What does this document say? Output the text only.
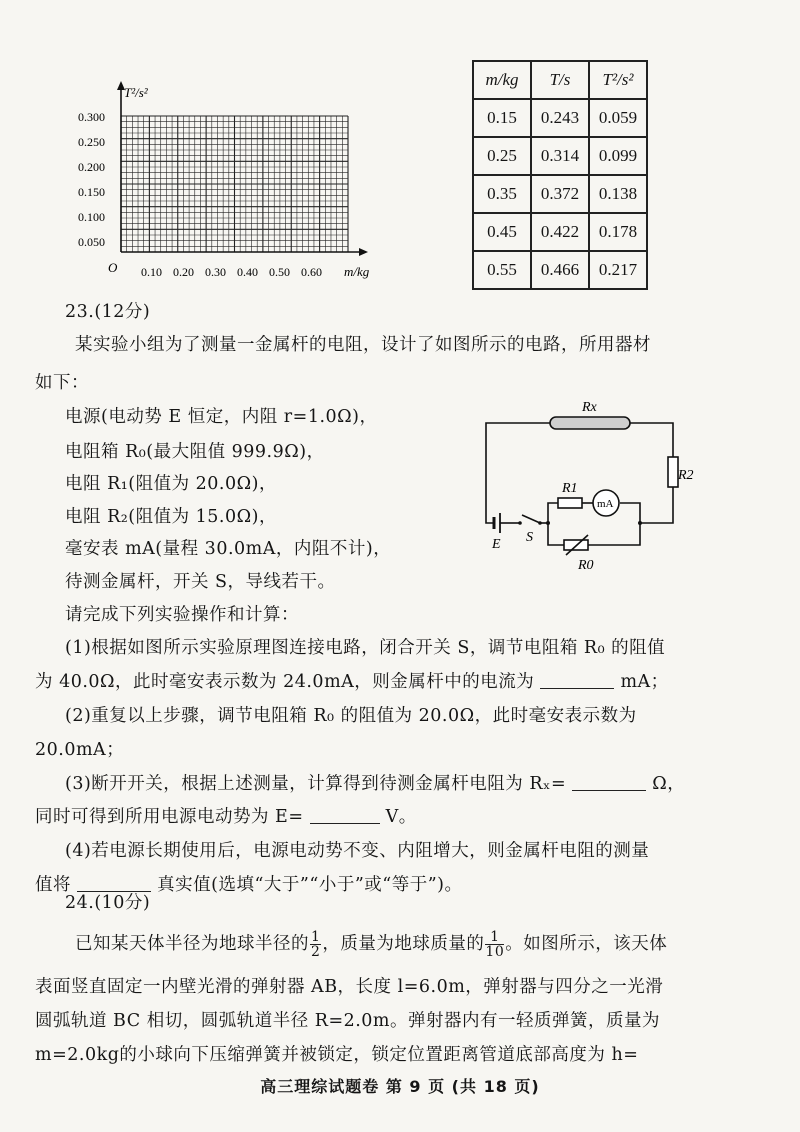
T²/s²
m/kg
O
0.300
0.250
0.200
0.150
0.100
0.050
0.10 0.20 0.30 0.40 0.50 0.60
m/kg	T/s	T²/s²
0.15	0.243	0.059
0.25	0.314	0.099
0.35	0.372	0.138
0.45	0.422	0.178
0.55	0.466	0.217
23.(12分)
某实验小组为了测量一金属杆的电阻，设计了如图所示的电路，所用器材
如下：
电源(电动势 E 恒定，内阻 r=1.0Ω)，
电阻箱 R₀(最大阻值 999.9Ω)，
电阻 R₁(阻值为 20.0Ω)，
电阻 R₂(阻值为 15.0Ω)，
毫安表 mA(量程 30.0mA，内阻不计)，
待测金属杆，开关 S，导线若干。
请完成下列实验操作和计算：
(1)根据如图所示实验原理图连接电路，闭合开关 S，调节电阻箱 R₀ 的阻值
为 40.0Ω，此时毫安表示数为 24.0mA，则金属杆中的电流为	mA；
(2)重复以上步骤，调节电阻箱 R₀ 的阻值为 20.0Ω，此时毫安表示数为
20.0mA；
(3)断开开关，根据上述测量，计算得到待测金属杆电阻为 Rₓ=	Ω，
同时可得到所用电源电动势为 E=	V。
(4)若电源长期使用后，电源电动势不变、内阻增大，则金属杆电阻的测量
值将	真实值(选填“大于”“小于”或“等于”)。
Rx
R2
R1
mA
E S
R0
24.(10分)
已知某天体半径为地球半径的 $\frac{1}{2}$ ，质量为地球质量的 $\frac{1}{10}$ 。如图所示，该天体
表面竖直固定一内壁光滑的弹射器 AB，长度 l=6.0m，弹射器与四分之一光滑
圆弧轨道 BC 相切，圆弧轨道半径 R=2.0m。弹射器内有一轻质弹簧，质量为
m=2.0kg的小球向下压缩弹簧并被锁定，锁定位置距离管道底部高度为 h=
高三理综试题卷 第 9 页 (共 18 页)
